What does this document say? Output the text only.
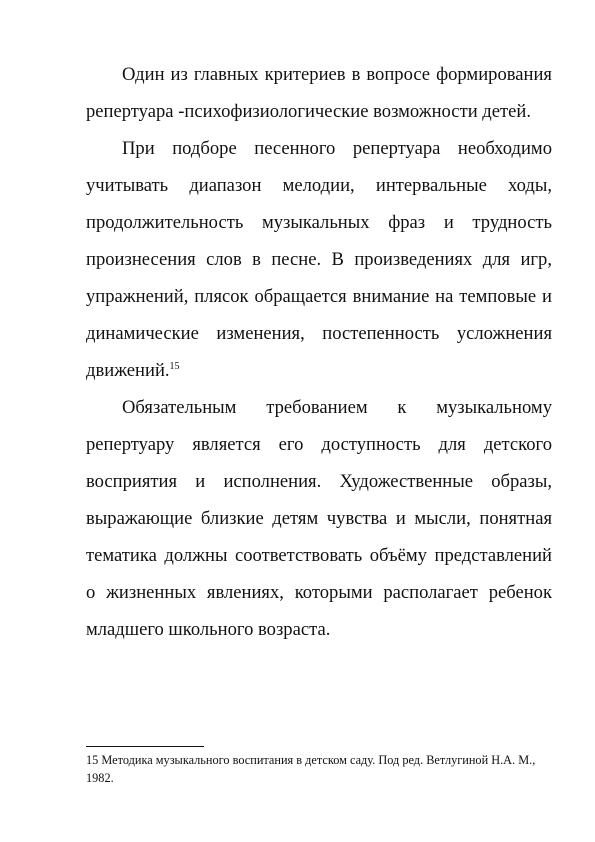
Один из главных критериев в вопросе формирования репертуара -психофизиологические возможности детей.

При подборе песенного репертуара необходимо учитывать диапазон мелодии, интервальные ходы, продолжительность музыкальных фраз и трудность произнесения слов в песне. В произведениях для игр, упражнений, плясок обращается внимание на темповые и динамические изменения, постепенность усложнения движений.$^{15}$

Обязательным требованием к музыкальному репертуару является его доступность для детского восприятия и исполнения. Художественные образы, выражающие близкие детям чувства и мысли, понятная тематика должны соответствовать объёму представлений о жизненных явлениях, которыми располагает ребенок младшего школьного возраста.

15 Методика музыкального воспитания в детском саду. Под ред. Ветлугиной Н.А. М., 1982.
